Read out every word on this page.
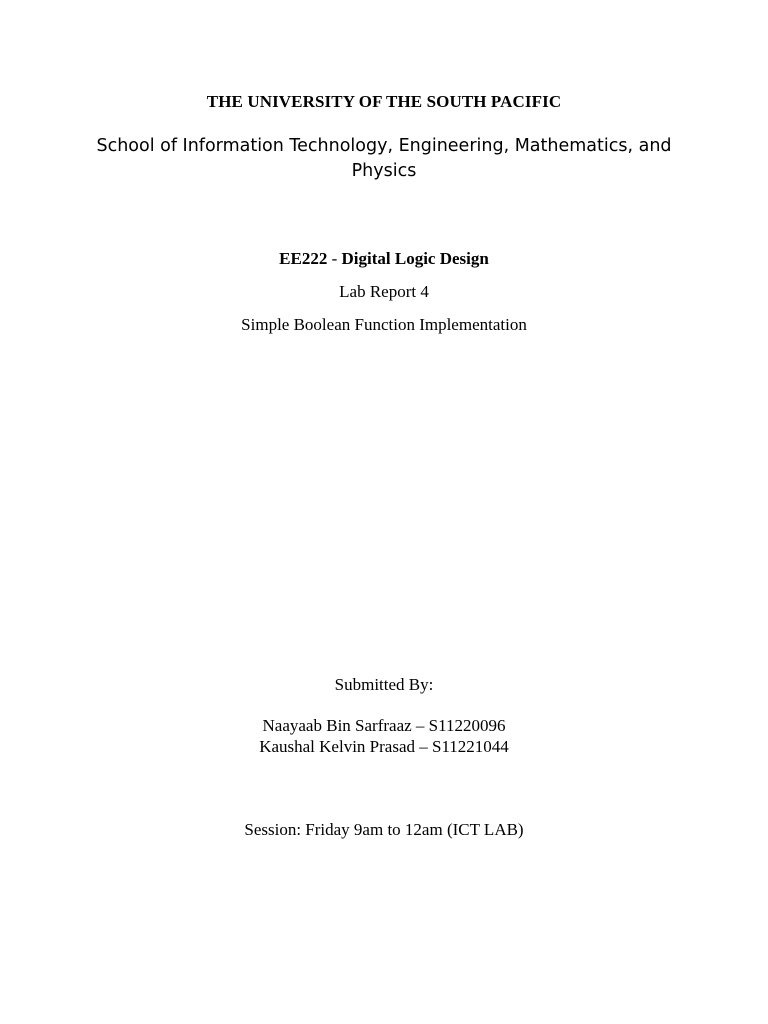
THE UNIVERSITY OF THE SOUTH PACIFIC
School of Information Technology, Engineering, Mathematics, and
Physics
EE222 - Digital Logic Design
Lab Report 4
Simple Boolean Function Implementation
Submitted By:
Naayaab Bin Sarfraaz – S11220096
Kaushal Kelvin Prasad – S11221044
Session: Friday 9am to 12am (ICT LAB)
